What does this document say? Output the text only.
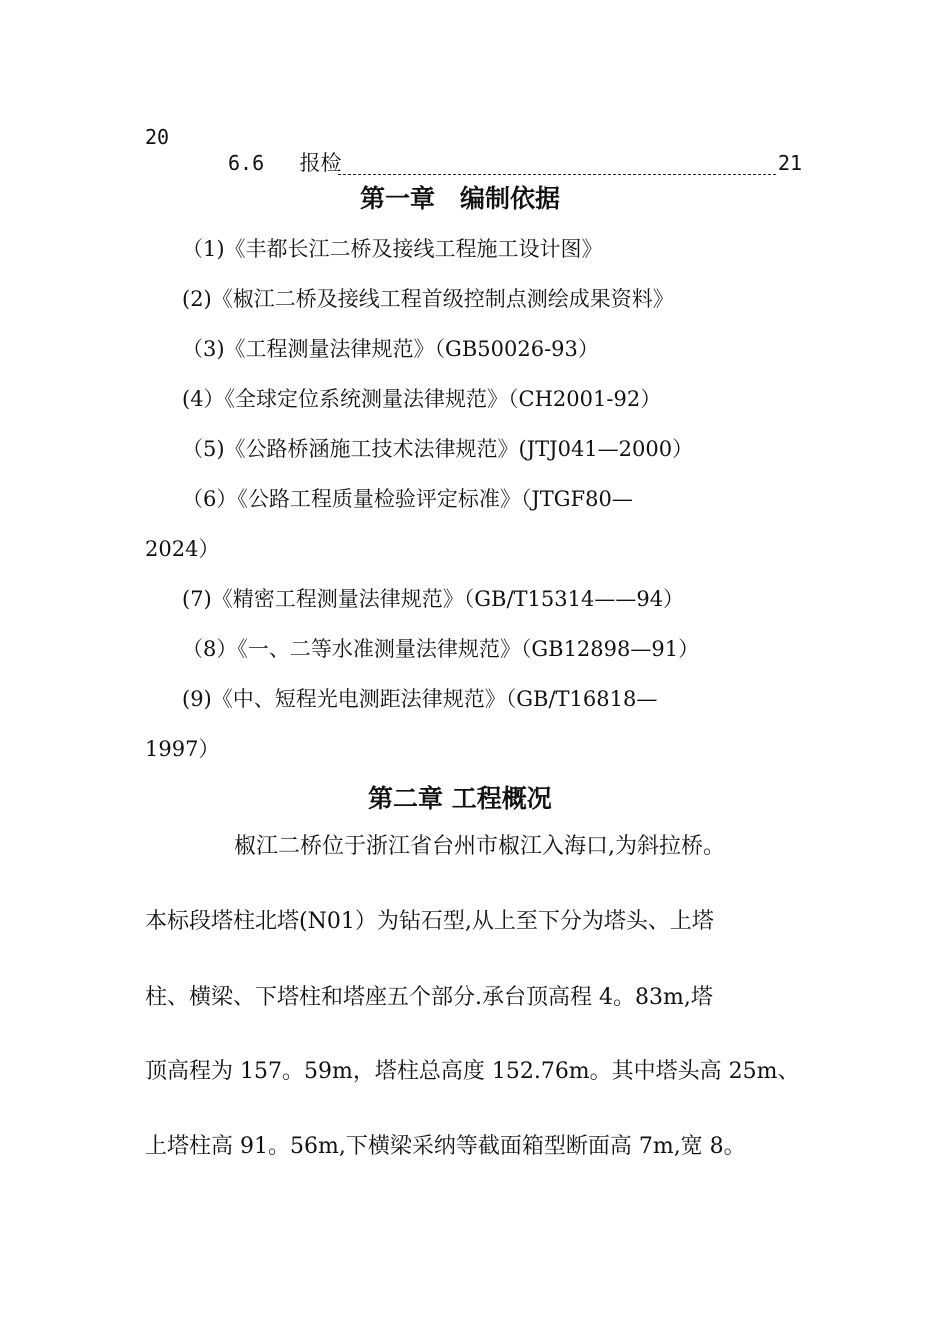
20
6.6 报检	21
第一章　编制依据
（1)《丰都长江二桥及接线工程施工设计图》
(2)《椒江二桥及接线工程首级控制点测绘成果资料》
（3)《工程测量法律规范》（GB50026-93）
(4）《全球定位系统测量法律规范》（CH2001-92）
（5)《公路桥涵施工技术法律规范》(JTJ041—2000）
（6）《公路工程质量检验评定标准》（JTGF80—
2024）
(7)《精密工程测量法律规范》（GB/T15314——94）
（8）《一、二等水准测量法律规范》（GB12898—91）
(9)《中、短程光电测距法律规范》（GB/T16818—
1997）
第二章 工程概况
椒江二桥位于浙江省台州市椒江入海口,为斜拉桥。
本标段塔柱北塔(N01）为钻石型,从上至下分为塔头、上塔
柱、横梁、下塔柱和塔座五个部分.承台顶高程 4。83m,塔
顶高程为 157。59m，塔柱总高度 152.76m。其中塔头高 25m、
上塔柱高 91。56m,下横梁采纳等截面箱型断面高 7m,宽 8。
